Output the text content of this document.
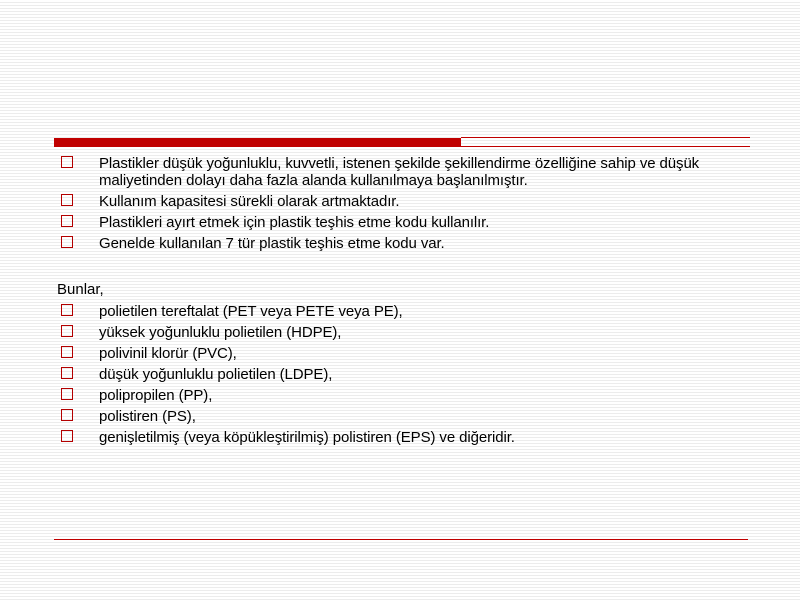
Plastikler düşük yoğunluklu, kuvvetli, istenen şekilde şekillendirme özelliğine sahip ve düşük maliyetinden dolayı daha fazla alanda kullanılmaya başlanılmıştır.
Kullanım kapasitesi sürekli olarak artmaktadır.
Plastikleri ayırt etmek için plastik teşhis etme kodu kullanılır.
Genelde kullanılan 7 tür plastik teşhis etme kodu var.
Bunlar,
polietilen tereftalat (PET veya PETE veya PE),
yüksek yoğunluklu polietilen (HDPE),
polivinil klorür (PVC),
düşük yoğunluklu polietilen (LDPE),
polipropilen (PP),
polistiren (PS),
genişletilmiş (veya köpükleştirilmiş) polistiren (EPS) ve diğeridir.
